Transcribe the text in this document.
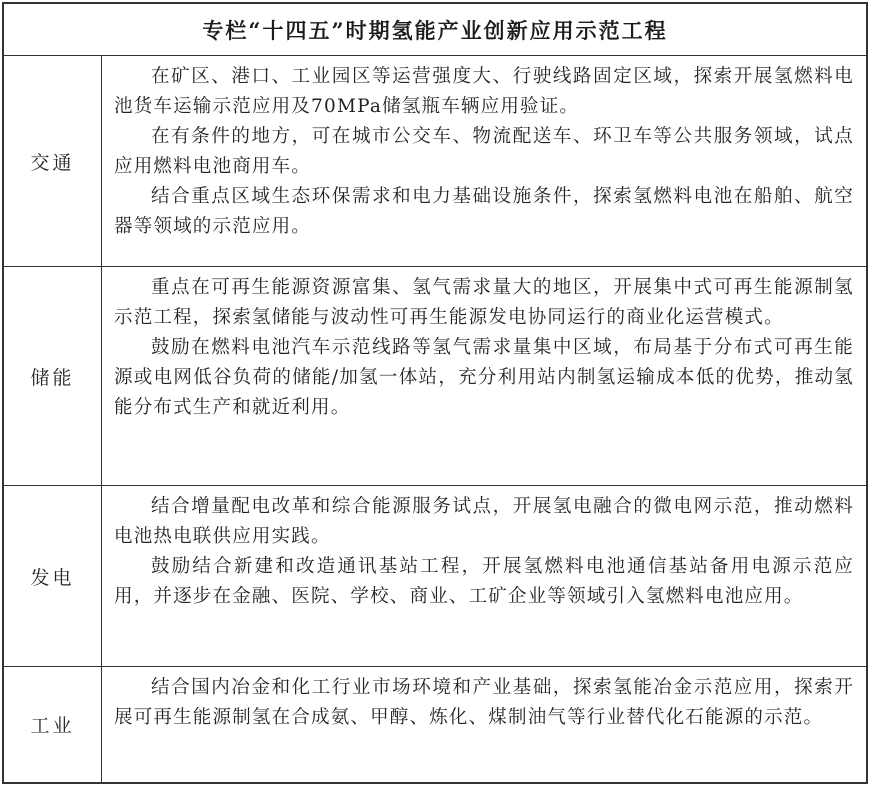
专栏“十四五”时期氢能产业创新应用示范工程
交通

在矿区、港口、工业园区等运营强度大、行驶线路固定区域，探索开展氢燃料电池货车运输示范应用及70MPa储氢瓶车辆应用验证。

在有条件的地方，可在城市公交车、物流配送车、环卫车等公共服务领域，试点应用燃料电池商用车。

结合重点区域生态环保需求和电力基础设施条件，探索氢燃料电池在船舶、航空器等领域的示范应用。

储能

重点在可再生能源资源富集、氢气需求量大的地区，开展集中式可再生能源制氢示范工程，探索氢储能与波动性可再生能源发电协同运行的商业化运营模式。

鼓励在燃料电池汽车示范线路等氢气需求量集中区域，布局基于分布式可再生能源或电网低谷负荷的储能/加氢一体站，充分利用站内制氢运输成本低的优势，推动氢能分布式生产和就近利用。

发电

结合增量配电改革和综合能源服务试点，开展氢电融合的微电网示范，推动燃料电池热电联供应用实践。

鼓励结合新建和改造通讯基站工程，开展氢燃料电池通信基站备用电源示范应用，并逐步在金融、医院、学校、商业、工矿企业等领域引入氢燃料电池应用。

工业

结合国内冶金和化工行业市场环境和产业基础，探索氢能冶金示范应用，探索开展可再生能源制氢在合成氨、甲醇、炼化、煤制油气等行业替代化石能源的示范。
